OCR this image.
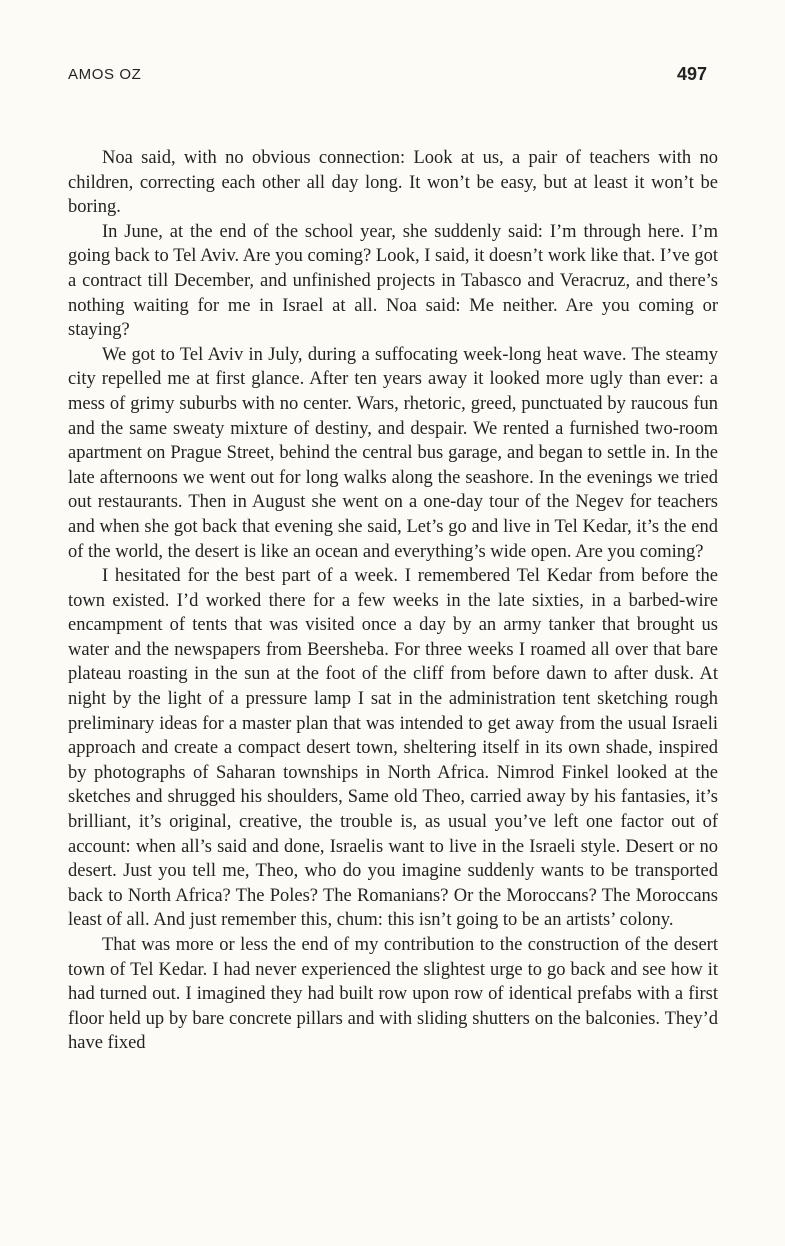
AMOS OZ	497

Noa said, with no obvious connection: Look at us, a pair of teachers with no children, correcting each other all day long. It won’t be easy, but at least it won’t be boring.

In June, at the end of the school year, she suddenly said: I’m through here. I’m going back to Tel Aviv. Are you coming? Look, I said, it doesn’t work like that. I’ve got a contract till December, and unfinished projects in Tabasco and Veracruz, and there’s nothing waiting for me in Israel at all. Noa said: Me neither. Are you coming or staying?

We got to Tel Aviv in July, during a suffocating week-long heat wave. The steamy city repelled me at first glance. After ten years away it looked more ugly than ever: a mess of grimy suburbs with no center. Wars, rhetoric, greed, punctuated by raucous fun and the same sweaty mixture of destiny, and despair. We rented a furnished two-room apartment on Prague Street, behind the central bus garage, and began to settle in. In the late afternoons we went out for long walks along the seashore. In the evenings we tried out restaurants. Then in August she went on a one-day tour of the Negev for teachers and when she got back that evening she said, Let’s go and live in Tel Kedar, it’s the end of the world, the desert is like an ocean and everything’s wide open. Are you coming?

I hesitated for the best part of a week. I remembered Tel Kedar from before the town existed. I’d worked there for a few weeks in the late sixties, in a barbed-wire encampment of tents that was visited once a day by an army tanker that brought us water and the newspapers from Beersheba. For three weeks I roamed all over that bare plateau roasting in the sun at the foot of the cliff from before dawn to after dusk. At night by the light of a pressure lamp I sat in the administration tent sketching rough preliminary ideas for a master plan that was intended to get away from the usual Israeli approach and create a compact desert town, sheltering itself in its own shade, inspired by photographs of Saharan townships in North Africa. Nimrod Finkel looked at the sketches and shrugged his shoulders, Same old Theo, carried away by his fantasies, it’s brilliant, it’s original, creative, the trouble is, as usual you’ve left one factor out of account: when all’s said and done, Israelis want to live in the Israeli style. Desert or no desert. Just you tell me, Theo, who do you imagine suddenly wants to be transported back to North Africa? The Poles? The Romanians? Or the Moroccans? The Moroccans least of all. And just remember this, chum: this isn’t going to be an artists’ colony.

That was more or less the end of my contribution to the construction of the desert town of Tel Kedar. I had never experienced the slightest urge to go back and see how it had turned out. I imagined they had built row upon row of identical prefabs with a first floor held up by bare concrete pillars and with sliding shutters on the balconies. They’d have fixed
